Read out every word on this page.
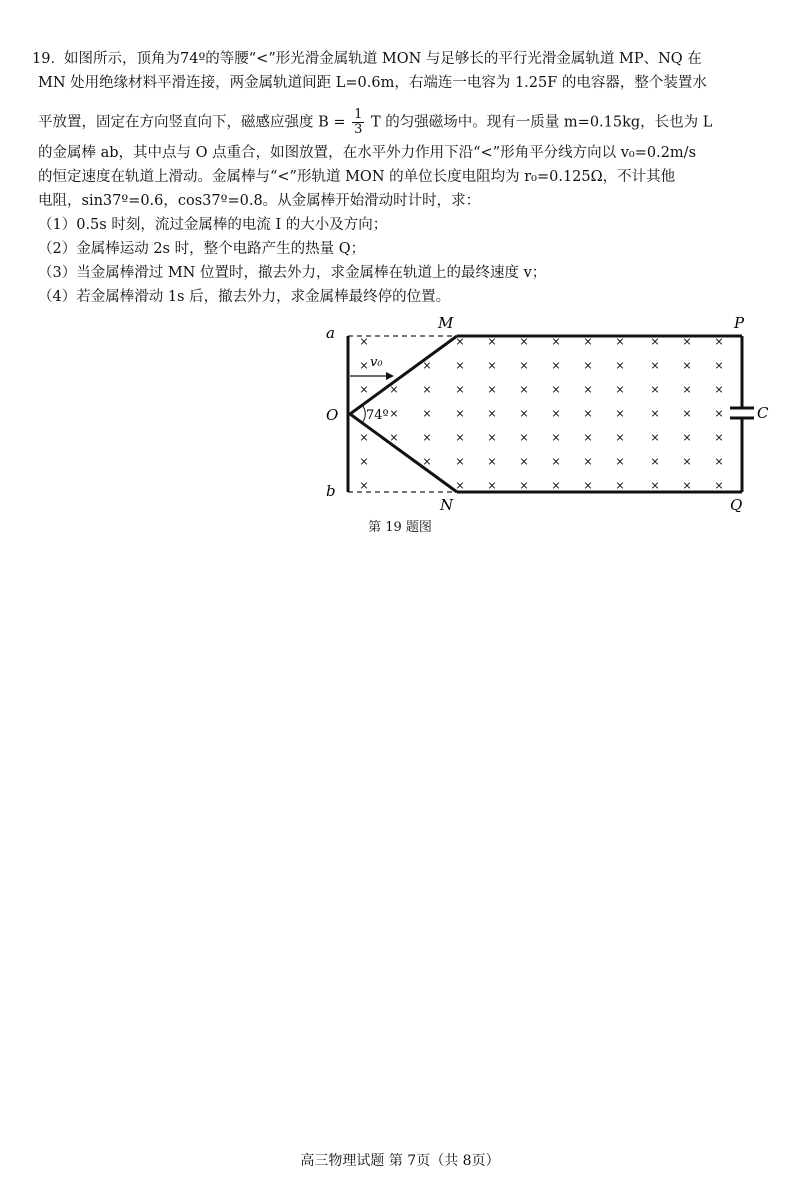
19． 如图所示，顶角为74º的等腰“<”形光滑金属轨道 MON 与足够长的平行光滑金属轨道 MP、NQ 在
MN 处用绝缘材料平滑连接，两金属轨道间距 L=0.6m，右端连一电容为 1.25F 的电容器，整个装置水
平放置，固定在方向竖直向下，磁感应强度 $B = \frac{1}{3}$ T 的匀强磁场中。现有一质量 m=0.15kg，长也为 L
的金属棒 ab，其中点与 O 点重合，如图放置，在水平外力作用下沿“<”形角平分线方向以 v₀=0.2m/s
的恒定速度在轨道上滑动。金属棒与“<”形轨道 MON 的单位长度电阻均为 r₀=0.125Ω，不计其他
电阻，sin37º=0.6，cos37º=0.8。从金属棒开始滑动时计时，求：
（1）0.5s 时刻，流过金属棒的电流 I 的大小及方向；
（2）金属棒运动 2s 时，整个电路产生的热量 Q；
（3）当金属棒滑过 MN 位置时，撤去外力，求金属棒在轨道上的最终速度 v；
（4）若金属棒滑动 1s 后，撤去外力，求金属棒最终停的位置。
×	× × × × × × × × ×
×	× × × × × × × × × ×
× × × × × × × × × × × ×
× × × × × × × × × × ×
× × × × × × × × × × × ×
×	× × × × × × × × × ×
×	× × × × × × × × ×
a
b
O
M
N
P
Q
C
v₀
74º
第 19 题图
高三物理试题 第 7页（共 8页）
